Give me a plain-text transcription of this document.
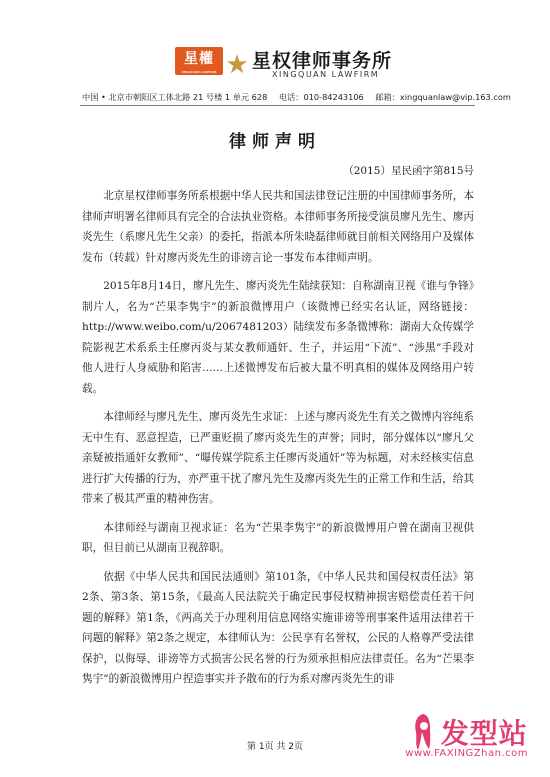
星權
XINGQUAN LAWFIRM ★ 星权律师事务所
XINGQUAN LAWFIRM
中国 • 北京市朝阳区工体北路 21 号楼 1 单元 628 电话：010-84243106 邮箱：xingquanlaw@vip.163.com
律师声明
（2015）星民函字第815号

北京星权律师事务所系根据中华人民共和国法律登记注册的中国律师事务所，本律师声明署名律师具有完全的合法执业资格。本律师事务所接受演员廖凡先生、廖丙炎先生（系廖凡先生父亲）的委托，指派本所朱晓磊律师就目前相关网络用户及媒体发布（转载）针对廖丙炎先生的诽谤言论一事发布本律师声明。

2015年8月14日，廖凡先生、廖丙炎先生陆续获知：自称湖南卫视《谁与争锋》制片人，名为“芒果李隽宇”的新浪微博用户（该微博已经实名认证，网络链接：http://www.weibo.com/u/2067481203）陆续发布多条微博称：湖南大众传媒学院影视艺术系系主任廖丙炎与某女教师通奸、生子，并运用“下流”、“涉黑”手段对他人进行人身威胁和陷害……上述微博发布后被大量不明真相的媒体及网络用户转载。

本律师经与廖凡先生、廖丙炎先生求证：上述与廖丙炎先生有关之微博内容纯系无中生有、恶意捏造，已严重贬损了廖丙炎先生的声誉；同时，部分媒体以“廖凡父亲疑被指通奸女教师”、“曝传媒学院系主任廖丙炎通奸”等为标题，对未经核实信息进行扩大传播的行为，亦严重干扰了廖凡先生及廖丙炎先生的正常工作和生活，给其带来了极其严重的精神伤害。

本律师经与湖南卫视求证：名为“芒果李隽宇”的新浪微博用户曾在湖南卫视供职，但目前已从湖南卫视辞职。

依据《中华人民共和国民法通则》第101条，《中华人民共和国侵权责任法》第2条、第3条、第15条，《最高人民法院关于确定民事侵权精神损害赔偿责任若干问题的解释》第1条，《两高关于办理利用信息网络实施诽谤等刑事案件适用法律若干问题的解释》第2条之规定，本律师认为：公民享有名誉权，公民的人格尊严受法律保护，以侮辱、诽谤等方式损害公民名誉的行为须承担相应法律责任。名为“芒果李隽宇”的新浪微博用户捏造事实并予散布的行为系对廖丙炎先生的诽

第 1页 共 2页	发型站
www.FAXINGZhan.com
